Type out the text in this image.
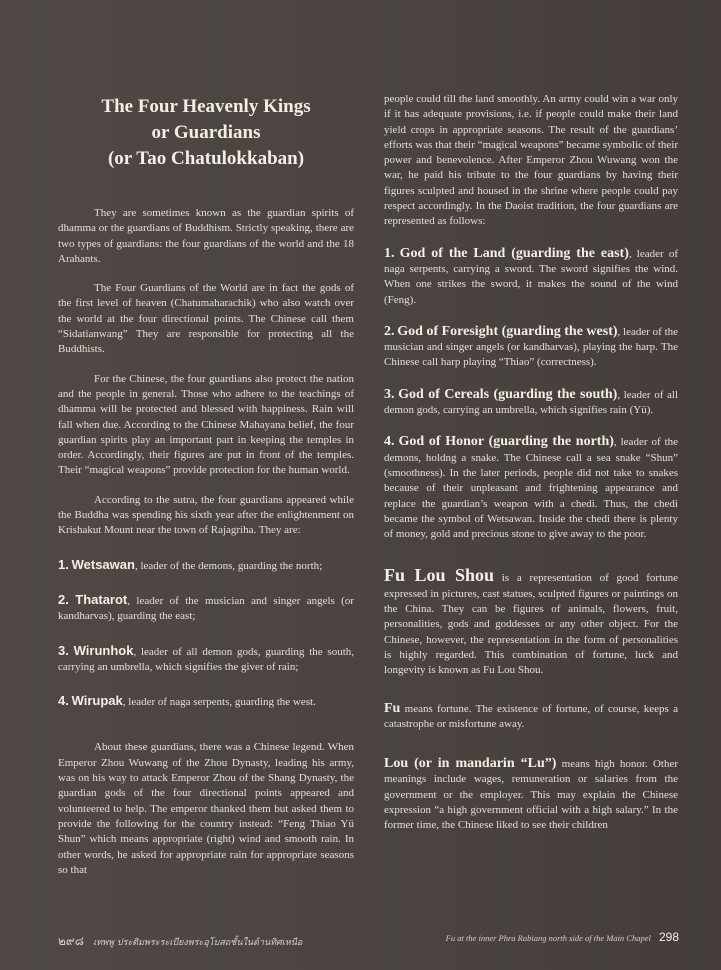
The Four Heavenly Kings
or Guardians
(or Tao Chatulokkaban)

They are sometimes known as the guardian spirits of dhamma or the guardians of Buddhism. Strictly speaking, there are two types of guardians: the four guardians of the world and the 18 Arahants.

The Four Guardians of the World are in fact the gods of the first level of heaven (Chatumaharachik) who also watch over the world at the four directional points. The Chinese call them “Sidatianwang” They are responsible for protecting all the Buddhists.

For the Chinese, the four guardians also protect the nation and the people in general. Those who adhere to the teachings of dhamma will be protected and blessed with happiness. Rain will fall when due. According to the Chinese Mahayana belief, the four guardian spirits play an important part in keeping the temples in order. Accordingly, their figures are put in front of the temples. Their “magical weapons” provide protection for the human world.

According to the sutra, the four guardians appeared while the Buddha was spending his sixth year after the enlightenment on Krishakut Mount near the town of Rajagriha. They are:

1. Wetsawan, leader of the demons, guarding the north;
2. Thatarot, leader of the musician and singer angels (or kandharvas), guarding the east;
3. Wirunhok, leader of all demon gods, guarding the south, carrying an umbrella, which signifies the giver of rain;
4. Wirupak, leader of naga serpents, guarding the west.

About these guardians, there was a Chinese legend. When Emperor Zhou Wuwang of the Zhou Dynasty, leading his army, was on his way to attack Emperor Zhou of the Shang Dynasty, the guardian gods of the four directional points appeared and volunteered to help. The emperor thanked them but asked them to provide the following for the country instead: “Feng Thiao Yü Shun” which means appropriate (right) wind and smooth rain. In other words, he asked for appropriate rain for appropriate seasons so that

people could till the land smoothly. An army could win a war only if it has adequate provisions, i.e. if people could make their land yield crops in appropriate seasons. The result of the guardians’ efforts was that their “magical weapons” became symbolic of their power and benevolence. After Emperor Zhou Wuwang won the war, he paid his tribute to the four guardians by having their figures sculpted and housed in the shrine where people could pay respect accordingly. In the Daoist tradition, the four guardians are represented as follows:

1. God of the Land (guarding the east), leader of naga serpents, carrying a sword. The sword signifies the wind. When one strikes the sword, it makes the sound of the wind (Feng).
2. God of Foresight (guarding the west), leader of the musician and singer angels (or kandharvas), playing the harp. The Chinese call harp playing “Thiao” (correctness).
3. God of Cereals (guarding the south), leader of all demon gods, carrying an umbrella, which signifies rain (Yü).
4. God of Honor (guarding the north), leader of the demons, holdng a snake. The Chinese call a sea snake “Shun” (smoothness). In the later periods, people did not take to snakes because of their unpleasant and frightening appearance and replace the guardian’s weapon with a chedi. Thus, the chedi became the symbol of Wetsawan. Inside the chedi there is plenty of money, gold and precious stone to give away to the poor.
Fu Lou Shou is a representation of good fortune expressed in pictures, cast statues, sculpted figures or paintings on the China. They can be figures of animals, flowers, fruit, personalities, gods and goddesses or any other object. For the Chinese, however, the representation in the form of personalities is highly regarded. This combination of fortune, luck and longevity is known as Fu Lou Shou.
Fu means fortune. The existence of fortune, of course, keeps a catastrophe or misfortune away.
Lou (or in mandarin “Lu”) means high honor. Other meanings include wages, remuneration or salaries from the government or the employer. This may explain the Chinese expression “a high government official with a high salary.” In the former time, the Chinese liked to see their children
๒๙๘ เทพพู ประติมพระระเบียงพระอุโบสถชั้นในด้านทิศเหนือ	Fu at the inner Phra Rabiang north side of the Main Chapel 298
